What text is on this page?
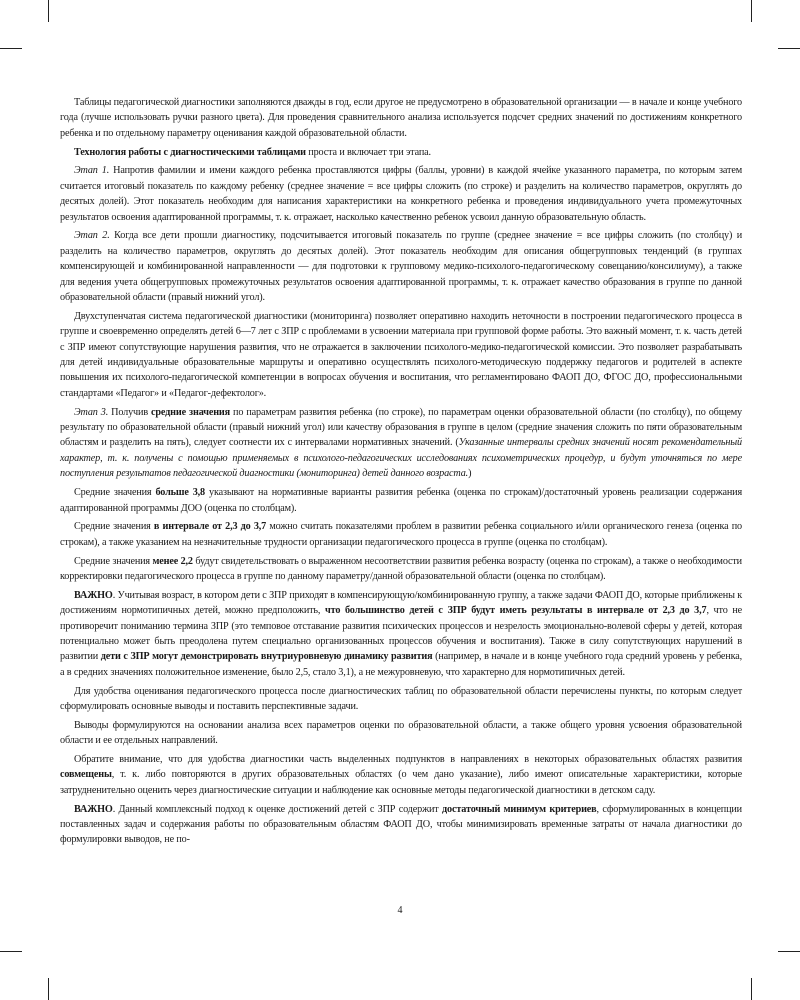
Таблицы педагогической диагностики заполняются дважды в год, если другое не предусмотрено в образовательной организации — в начале и конце учебного года (лучше использовать ручки разного цвета). Для проведения сравнительного анализа используется подсчет средних значений по достижениям конкретного ребенка и по отдельному параметру оценивания каждой образовательной области.

Технология работы с диагностическими таблицами проста и включает три этапа.

Этап 1. Напротив фамилии и имени каждого ребенка проставляются цифры (баллы, уровни) в каждой ячейке указанного параметра, по которым затем считается итоговый показатель по каждому ребенку (среднее значение = все цифры сложить (по строке) и разделить на количество параметров, округлять до десятых долей). Этот показатель необходим для написания характеристики на конкретного ребенка и проведения индивидуального учета промежуточных результатов освоения адаптированной программы, т. к. отражает, насколько качественно ребенок усвоил данную образовательную область.

Этап 2. Когда все дети прошли диагностику, подсчитывается итоговый показатель по группе (среднее значение = все цифры сложить (по столбцу) и разделить на количество параметров, округлять до десятых долей). Этот показатель необходим для описания общегрупповых тенденций (в группах компенсирующей и комбинированной направленности — для подготовки к групповому медико-психолого-педагогическому совещанию/консилиуму), а также для ведения учета общегрупповых промежуточных результатов освоения адаптированной программы, т. к. отражает качество образования в группе по данной образовательной области (правый нижний угол).

Двухступенчатая система педагогической диагностики (мониторинга) позволяет оперативно находить неточности в построении педагогического процесса в группе и своевременно определять детей 6—7 лет с ЗПР с проблемами в усвоении материала при групповой форме работы. Это важный момент, т. к. часть детей с ЗПР имеют сопутствующие нарушения развития, что не отражается в заключении психолого-медико-педагогической комиссии. Это позволяет разрабатывать для детей индивидуальные образовательные маршруты и оперативно осуществлять психолого-методическую поддержку педагогов и родителей в аспекте повышения их психолого-педагогической компетенции в вопросах обучения и воспитания, что регламентировано ФАОП ДО, ФГОС ДО, профессиональными стандартами «Педагог» и «Педагог-дефектолог».

Этап 3. Получив средние значения по параметрам развития ребенка (по строке), по параметрам оценки образовательной области (по столбцу), по общему результату по образовательной области (правый нижний угол) или качеству образования в группе в целом (средние значения сложить по пяти образовательным областям и разделить на пять), следует соотнести их с интервалами нормативных значений. (Указанные интервалы средних значений носят рекомендательный характер, т. к. получены с помощью применяемых в психолого-педагогических исследованиях психометрических процедур, и будут уточняться по мере поступления результатов педагогической диагностики (мониторинга) детей данного возраста.)

Средние значения больше 3,8 указывают на нормативные варианты развития ребенка (оценка по строкам)/достаточный уровень реализации содержания адаптированной программы ДОО (оценка по столбцам).

Средние значения в интервале от 2,3 до 3,7 можно считать показателями проблем в развитии ребенка социального и/или органического генеза (оценка по строкам), а также указанием на незначительные трудности организации педагогического процесса в группе (оценка по столбцам).

Средние значения менее 2,2 будут свидетельствовать о выраженном несоответствии развития ребенка возрасту (оценка по строкам), а также о необходимости корректировки педагогического процесса в группе по данному параметру/данной образовательной области (оценка по столбцам).

ВАЖНО. Учитывая возраст, в котором дети с ЗПР приходят в компенсирующую/комбинированную группу, а также задачи ФАОП ДО, которые приближены к достижениям нормотипичных детей, можно предположить, что большинство детей с ЗПР будут иметь результаты в интервале от 2,3 до 3,7, что не противоречит пониманию термина ЗПР (это темповое отставание развития психических процессов и незрелость эмоционально-волевой сферы у детей, которая потенциально может быть преодолена путем специально организованных процессов обучения и воспитания). Также в силу сопутствующих нарушений в развитии дети с ЗПР могут демонстрировать внутриуровневую динамику развития (например, в начале и в конце учебного года средний уровень у ребенка, а в средних значениях положительное изменение, было 2,5, стало 3,1), а не межуровневую, что характерно для нормотипичных детей.

Для удобства оценивания педагогического процесса после диагностических таблиц по образовательной области перечислены пункты, по которым следует сформулировать основные выводы и поставить перспективные задачи.

Выводы формулируются на основании анализа всех параметров оценки по образовательной области, а также общего уровня усвоения образовательной области и ее отдельных направлений.

Обратите внимание, что для удобства диагностики часть выделенных подпунктов в направлениях в некоторых образовательных областях развития совмещены, т. к. либо повторяются в других образовательных областях (о чем дано указание), либо имеют описательные характеристики, которые затрудненительно оценить через диагностические ситуации и наблюдение как основные методы педагогической диагностики в детском саду.

ВАЖНО. Данный комплексный подход к оценке достижений детей с ЗПР содержит достаточный минимум критериев, сформулированных в концепции поставленных задач и содержания работы по образовательным областям ФАОП ДО, чтобы минимизировать временные затраты от начала диагностики до формулировки выводов, не по-

4
